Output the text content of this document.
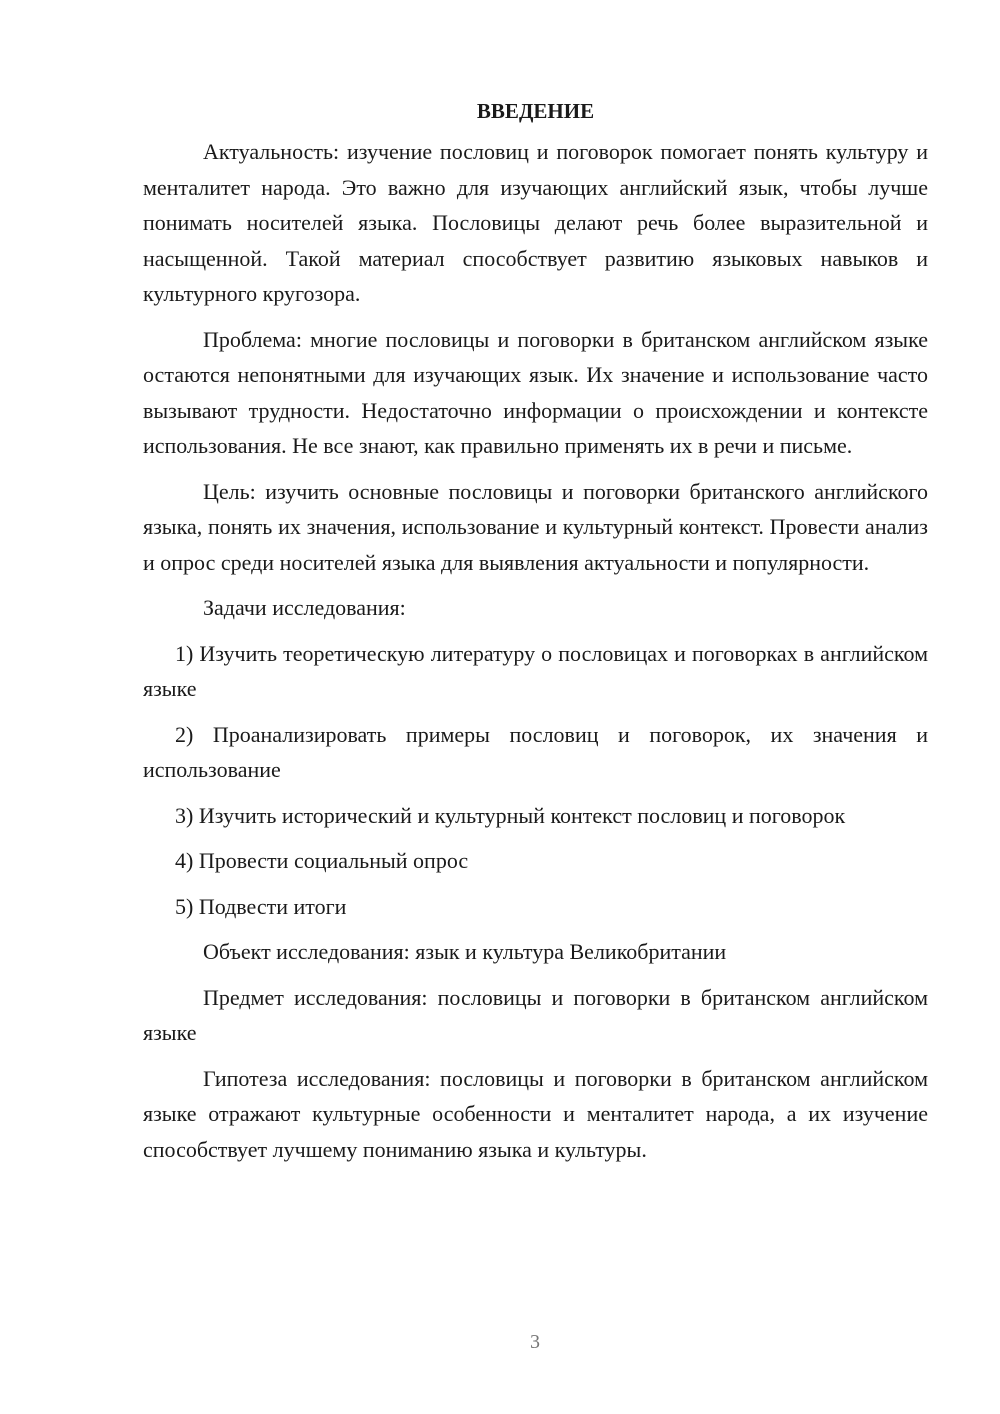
ВВЕДЕНИЕ

Актуальность: изучение пословиц и поговорок помогает понять культуру и менталитет народа. Это важно для изучающих английский язык, чтобы лучше понимать носителей языка. Пословицы делают речь более выразительной и насыщенной. Такой материал способствует развитию языковых навыков и культурного кругозора.

Проблема: многие пословицы и поговорки в британском английском языке остаются непонятными для изучающих язык. Их значение и использование часто вызывают трудности. Недостаточно информации о происхождении и контексте использования. Не все знают, как правильно применять их в речи и письме.

Цель: изучить основные пословицы и поговорки британского английского языка, понять их значения, использование и культурный контекст. Провести анализ и опрос среди носителей языка для выявления актуальности и популярности.

Задачи исследования:

1) Изучить теоретическую литературу о пословицах и поговорках в английском языке

2) Проанализировать примеры пословиц и поговорок, их значения и использование

3) Изучить исторический и культурный контекст пословиц и поговорок

4) Провести социальный опрос

5) Подвести итоги

Объект исследования: язык и культура Великобритании

Предмет исследования: пословицы и поговорки в британском английском языке

Гипотеза исследования: пословицы и поговорки в британском английском языке отражают культурные особенности и менталитет народа, а их изучение способствует лучшему пониманию языка и культуры.

3
